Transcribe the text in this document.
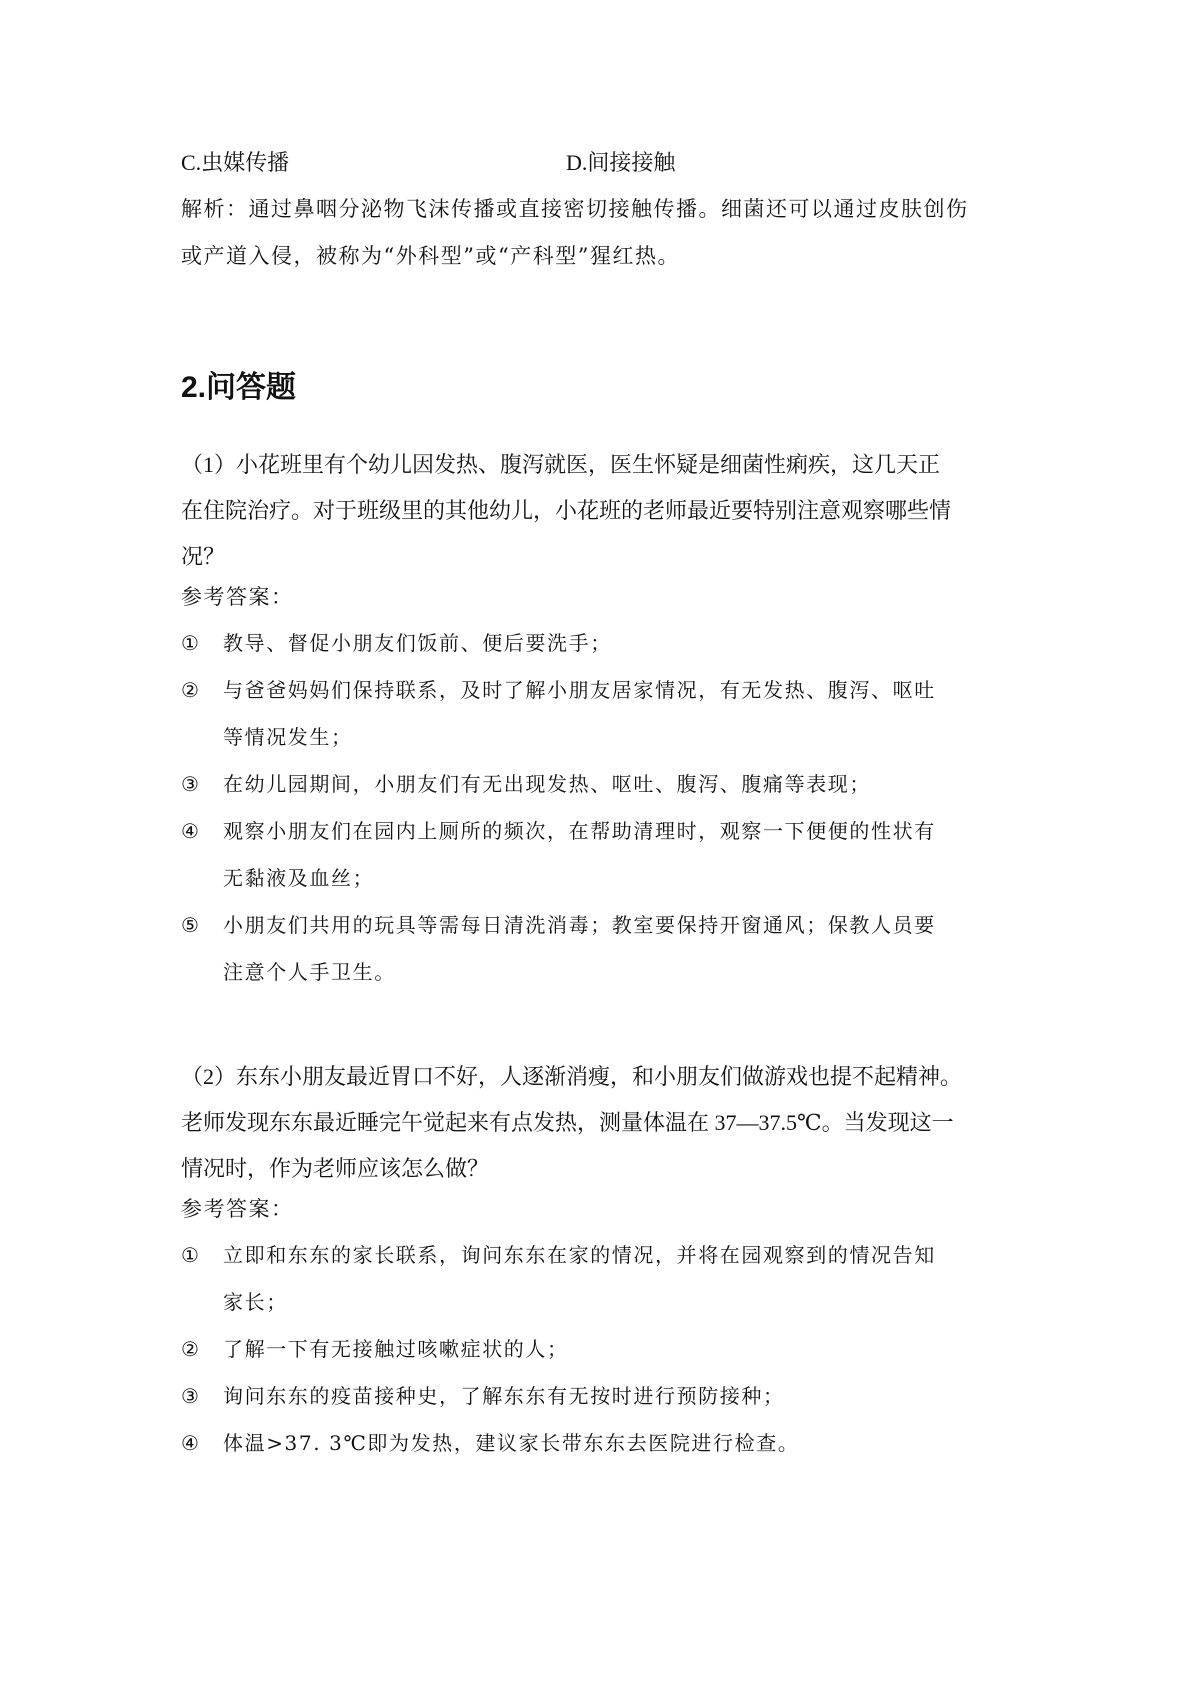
C.虫媒传播	D.间接接触
解析：通过鼻咽分泌物飞沫传播或直接密切接触传播。细菌还可以通过皮肤创伤
或产道入侵，被称为“外科型”或“产科型”猩红热。
2.问答题
（1）小花班里有个幼儿因发热、腹泻就医，医生怀疑是细菌性痢疾，这几天正
在住院治疗。对于班级里的其他幼儿，小花班的老师最近要特别注意观察哪些情
况？
参考答案：
① 教导、督促小朋友们饭前、便后要洗手；
② 与爸爸妈妈们保持联系，及时了解小朋友居家情况，有无发热、腹泻、呕吐
等情况发生；
③ 在幼儿园期间，小朋友们有无出现发热、呕吐、腹泻、腹痛等表现；
④ 观察小朋友们在园内上厕所的频次，在帮助清理时，观察一下便便的性状有
无黏液及血丝；
⑤ 小朋友们共用的玩具等需每日清洗消毒；教室要保持开窗通风；保教人员要
注意个人手卫生。
（2）东东小朋友最近胃口不好，人逐渐消瘦，和小朋友们做游戏也提不起精神。
老师发现东东最近睡完午觉起来有点发热，测量体温在 37—37.5℃。当发现这一
情况时，作为老师应该怎么做？
参考答案：
① 立即和东东的家长联系，询问东东在家的情况，并将在园观察到的情况告知
家长；
② 了解一下有无接触过咳嗽症状的人；
③ 询问东东的疫苗接种史，了解东东有无按时进行预防接种；
④ 体温>37. 3℃即为发热，建议家长带东东去医院进行检查。
